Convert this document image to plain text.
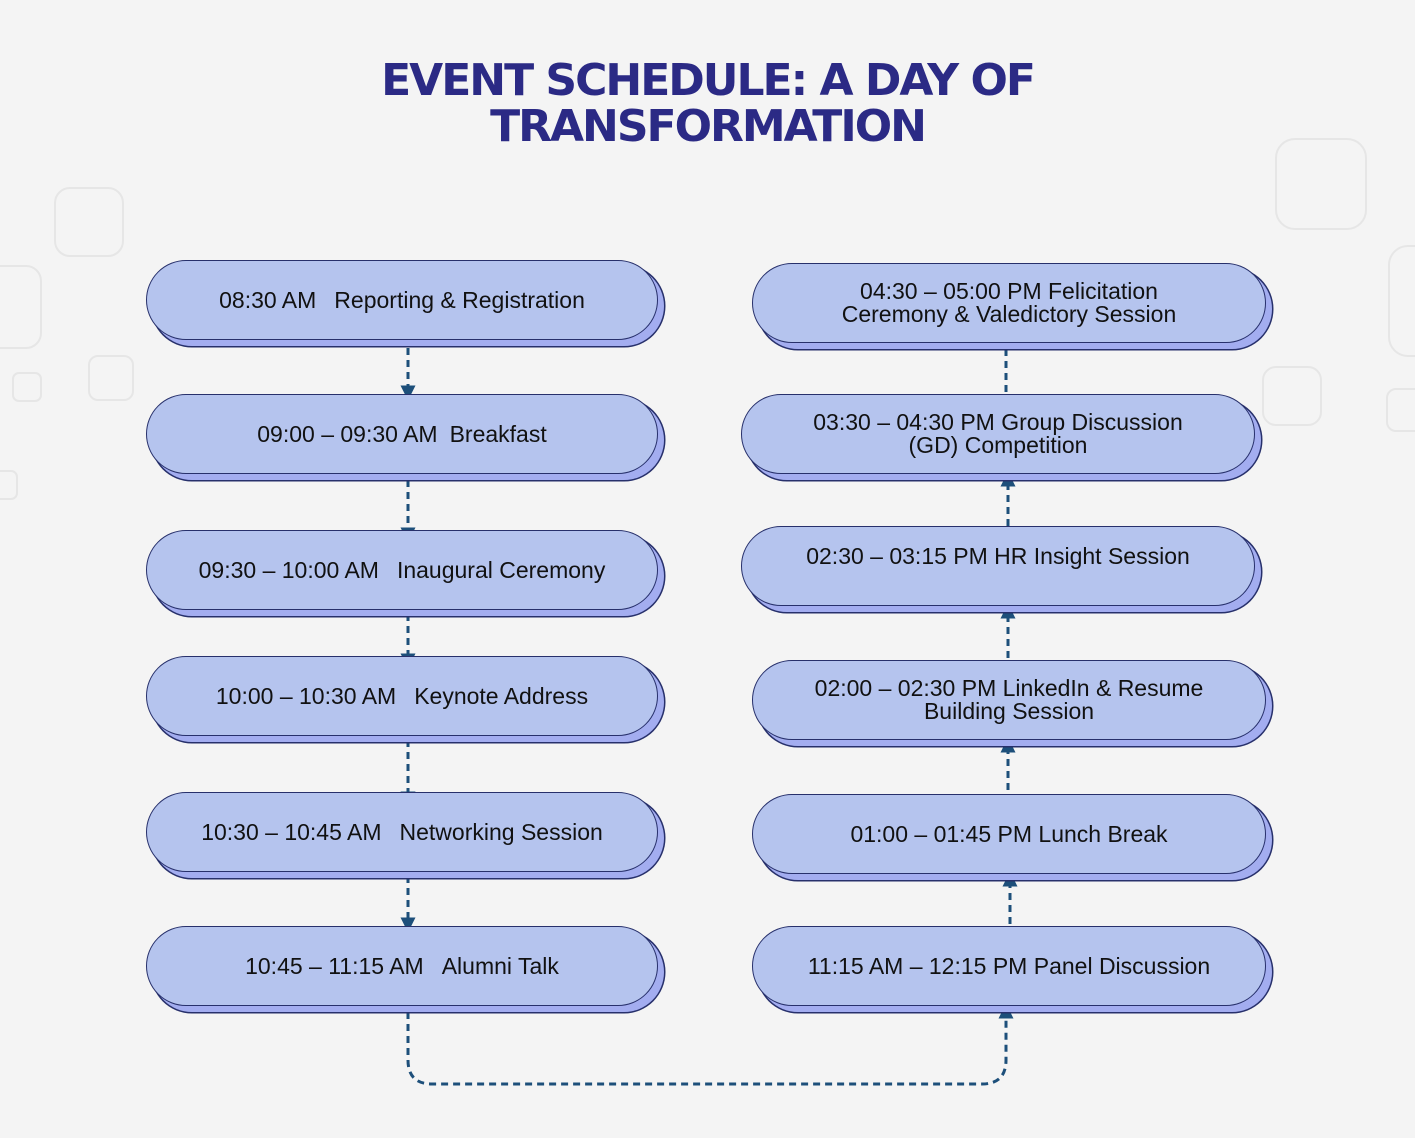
EVENT SCHEDULE: A DAY OF
TRANSFORMATION
08:30 AM Reporting & Registration
09:00 – 09:30 AM Breakfast
09:30 – 10:00 AM Inaugural Ceremony
10:00 – 10:30 AM Keynote Address
10:30 – 10:45 AM Networking Session
10:45 – 11:15 AM Alumni Talk
04:30 – 05:00 PM Felicitation
Ceremony & Valedictory Session
03:30 – 04:30 PM Group Discussion
(GD) Competition
02:30 – 03:15 PM HR Insight Session
02:00 – 02:30 PM LinkedIn & Resume
Building Session
01:00 – 01:45 PM Lunch Break
11:15 AM – 12:15 PM Panel Discussion
